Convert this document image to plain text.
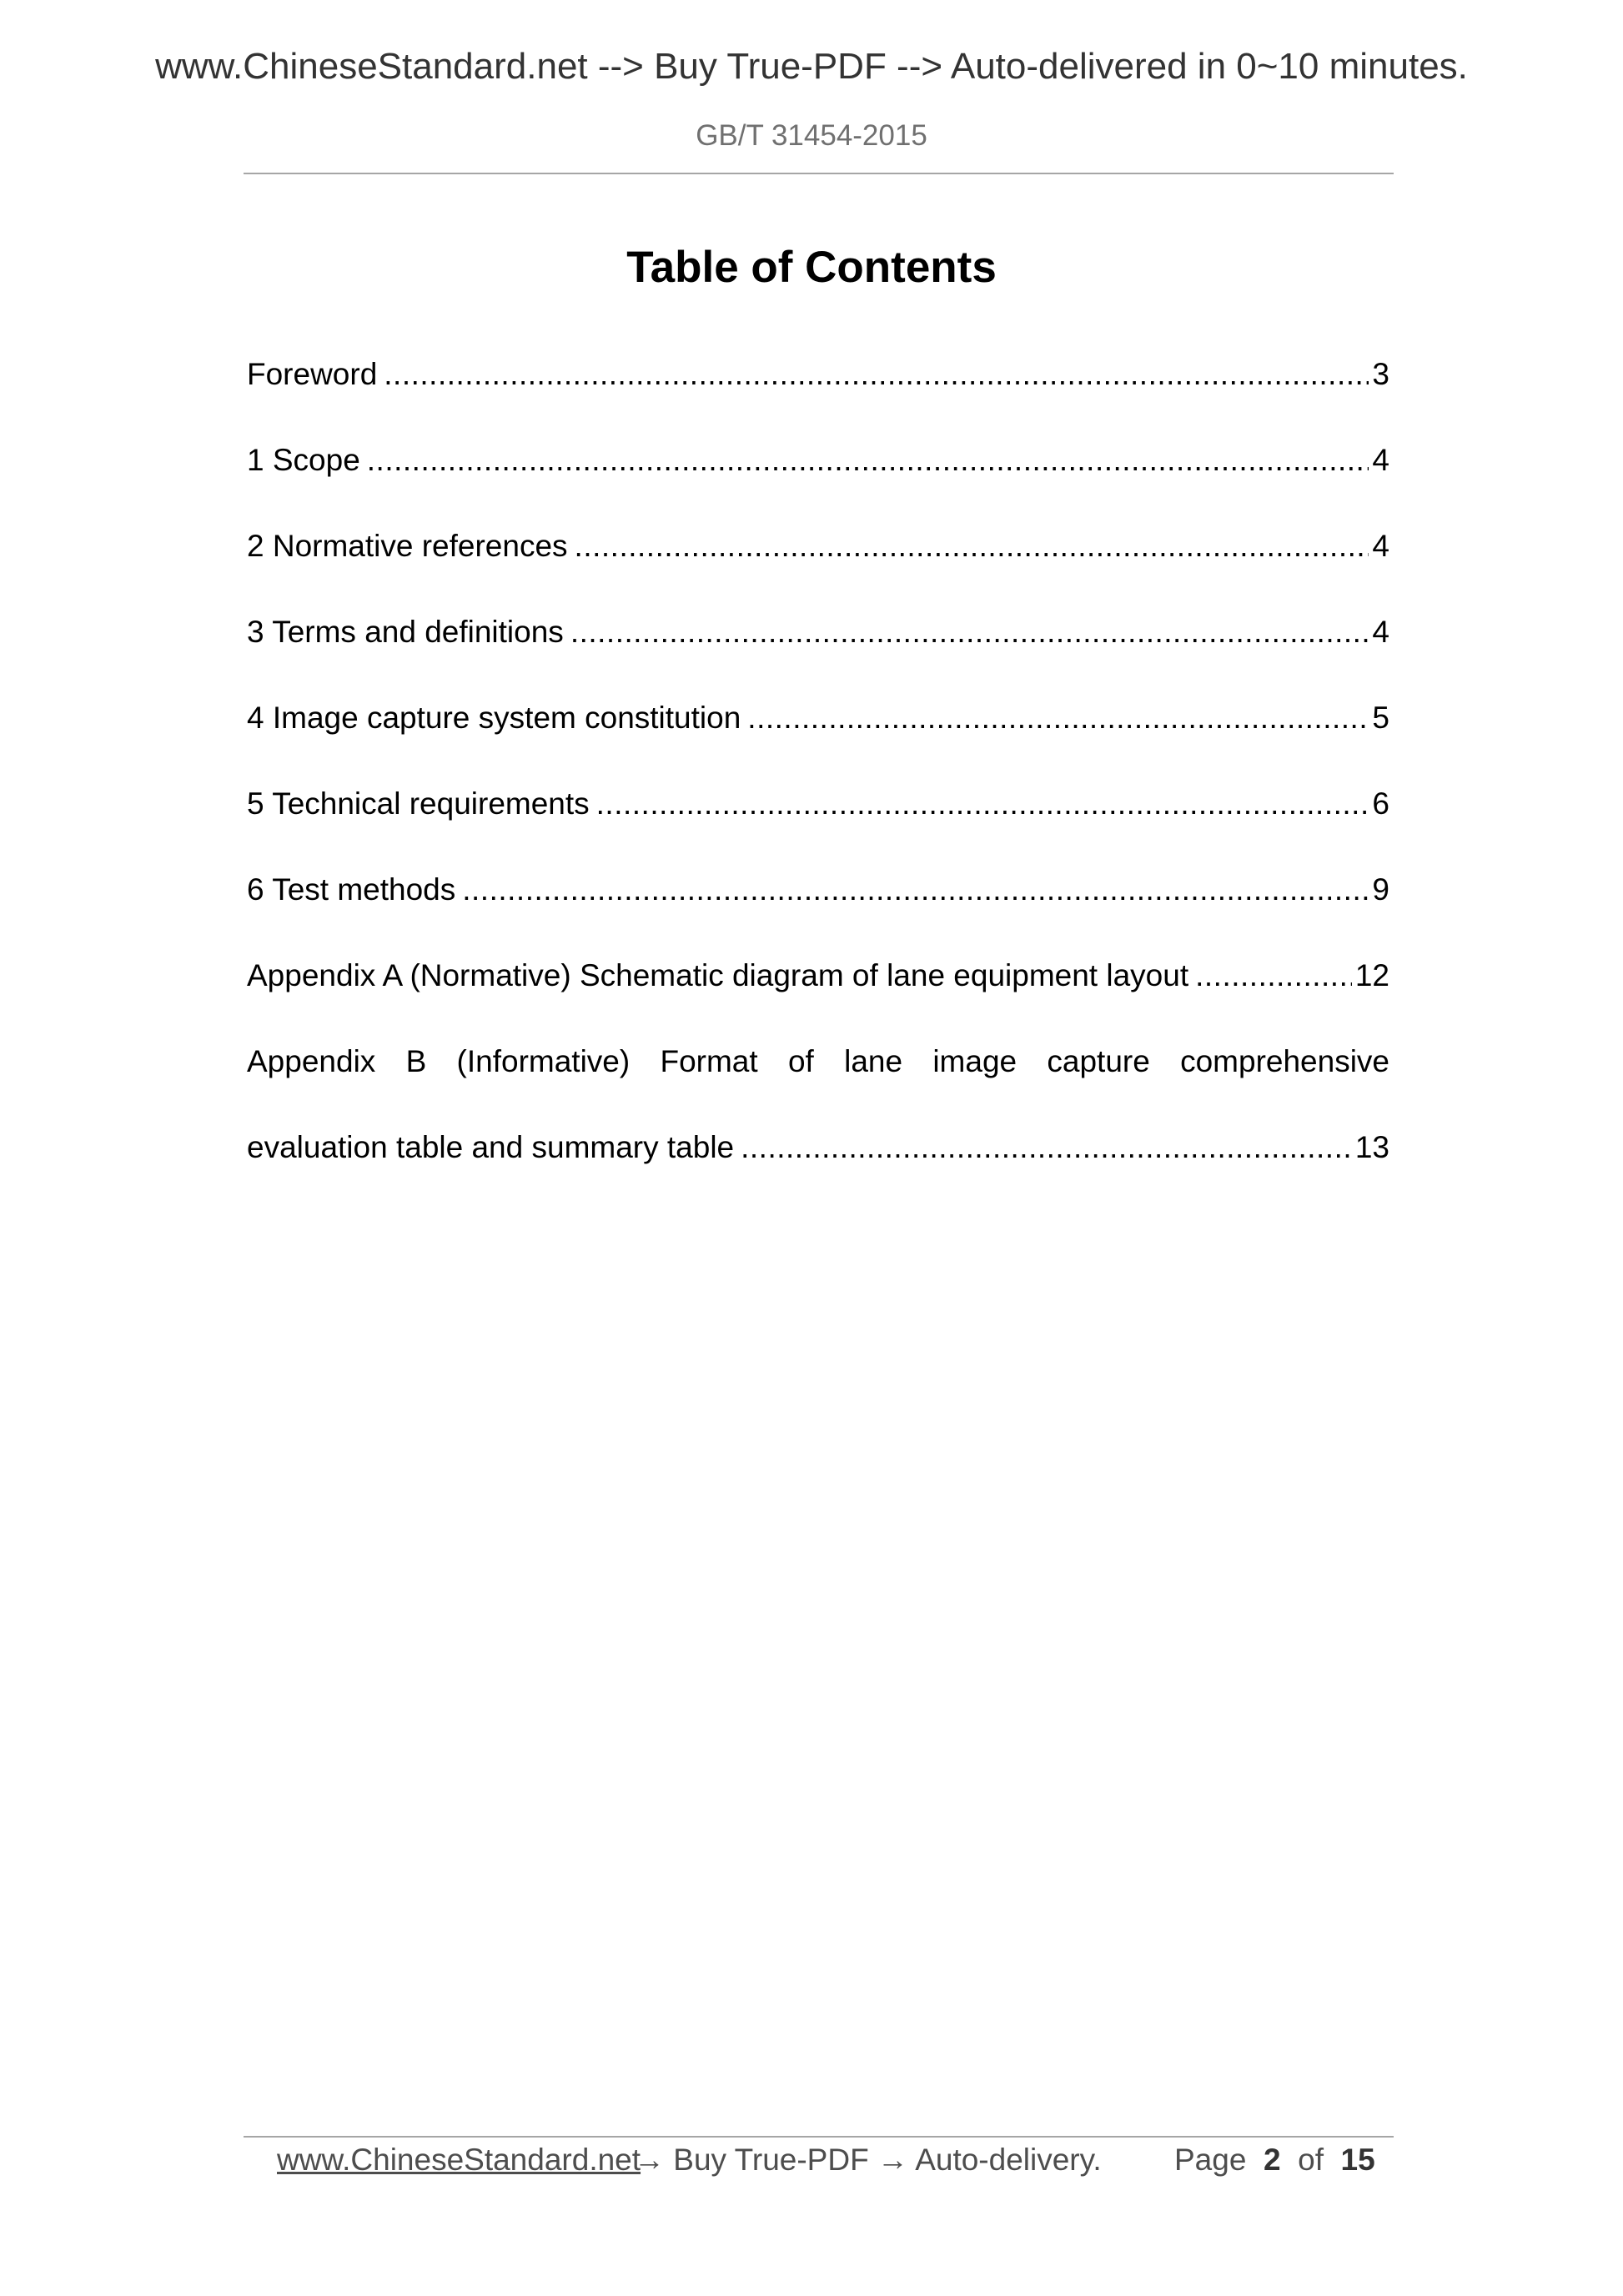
www.ChineseStandard.net --> Buy True-PDF --> Auto-delivered in 0~10 minutes.
GB/T 31454-2015
Table of Contents
Foreword .....	3
1 Scope .....	4
2 Normative references .....	4
3 Terms and definitions .....	4
4 Image capture system constitution .....	5
5 Technical requirements .....	6
6 Test methods .....	9
Appendix A (Normative) Schematic diagram of lane equipment layout .....	12
Appendix B (Informative) Format of lane image capture comprehensive
evaluation table and summary table .....	13
www.ChineseStandard.net
→ Buy True-PDF → Auto-delivery. Page 2 of 15
